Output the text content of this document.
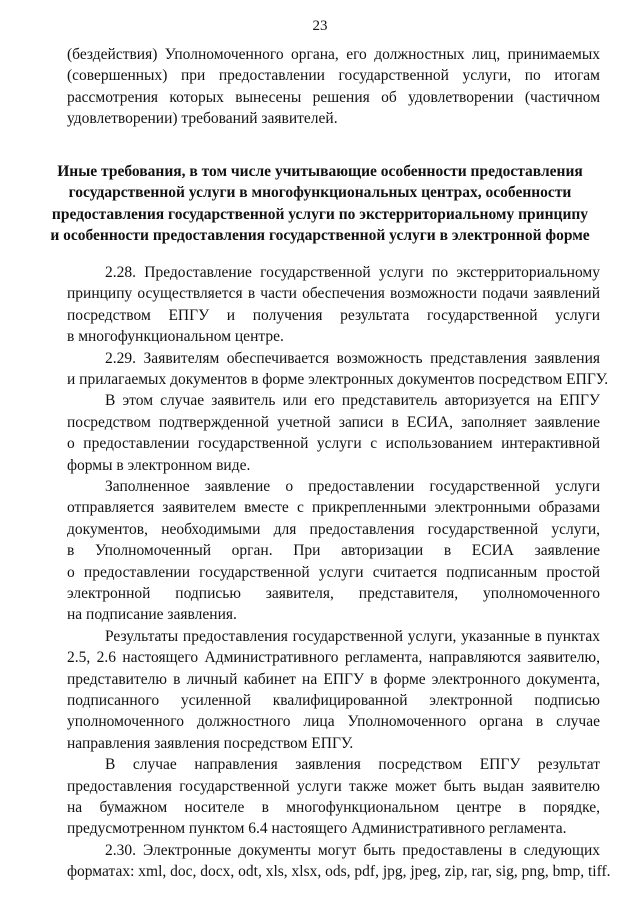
23
(бездействия) Уполномоченного органа, его должностных лиц, принимаемых
(совершенных) при предоставлении государственной услуги, по итогам
рассмотрения которых вынесены решения об удовлетворении (частичном
удовлетворении) требований заявителей.
Иные требования, в том числе учитывающие особенности предоставления
государственной услуги в многофункциональных центрах, особенности
предоставления государственной услуги по экстерриториальному принципу
и особенности предоставления государственной услуги в электронной форме
2.28. Предоставление государственной услуги по экстерриториальному
принципу осуществляется в части обеспечения возможности подачи заявлений
посредством ЕПГУ и получения результата государственной услуги
в многофункциональном центре.
2.29. Заявителям обеспечивается возможность представления заявления
и прилагаемых документов в форме электронных документов посредством ЕПГУ.
В этом случае заявитель или его представитель авторизуется на ЕПГУ
посредством подтвержденной учетной записи в ЕСИА, заполняет заявление
о предоставлении государственной услуги с использованием интерактивной
формы в электронном виде.
Заполненное заявление о предоставлении государственной услуги
отправляется заявителем вместе с прикрепленными электронными образами
документов, необходимыми для предоставления государственной услуги,
в Уполномоченный орган. При авторизации в ЕСИА заявление
о предоставлении государственной услуги считается подписанным простой
электронной подписью заявителя, представителя, уполномоченного
на подписание заявления.
Результаты предоставления государственной услуги, указанные в пунктах
2.5, 2.6 настоящего Административного регламента, направляются заявителю,
представителю в личный кабинет на ЕПГУ в форме электронного документа,
подписанного усиленной квалифицированной электронной подписью
уполномоченного должностного лица Уполномоченного органа в случае
направления заявления посредством ЕПГУ.
В случае направления заявления посредством ЕПГУ результат
предоставления государственной услуги также может быть выдан заявителю
на бумажном носителе в многофункциональном центре в порядке,
предусмотренном пунктом 6.4 настоящего Административного регламента.
2.30. Электронные документы могут быть предоставлены в следующих
форматах: xml, doc, docx, odt, xls, xlsx, ods, pdf, jpg, jpeg, zip, rar, sig, png, bmp, tiff.
